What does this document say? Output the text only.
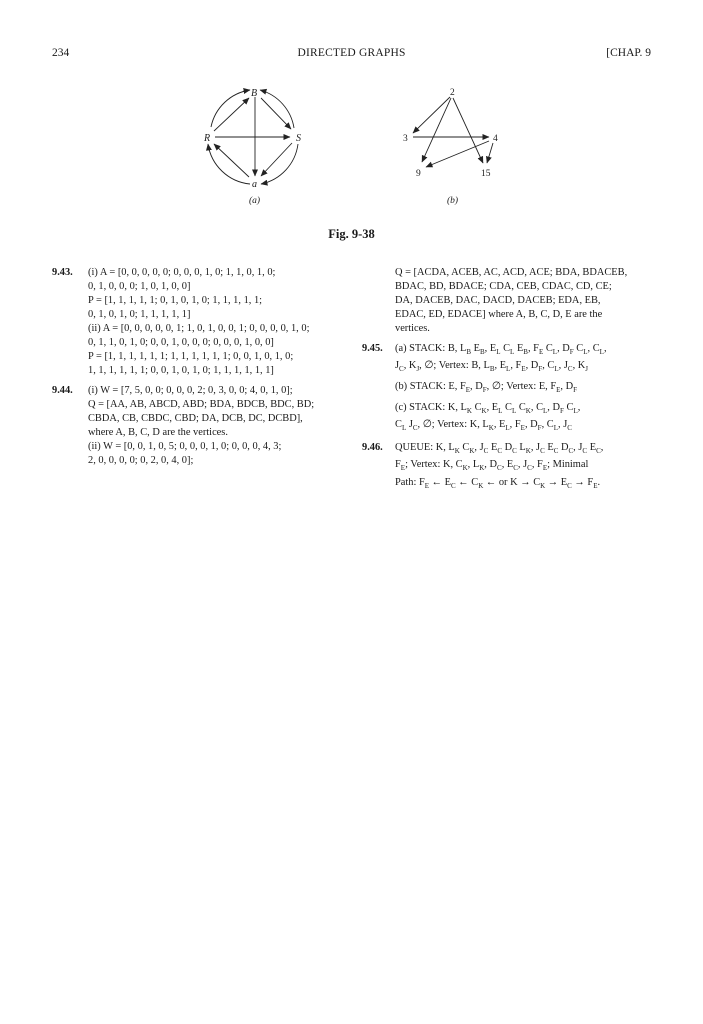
234	DIRECTED GRAPHS	[CHAP. 9
B
R	S
a
(a)
2
3	4
9	15
(b)
Fig. 9-38
9.43. (i) A = [0, 0, 0, 0, 0; 0, 0, 0, 1, 0; 1, 1, 0, 1, 0;
0, 1, 0, 0, 0; 1, 0, 1, 0, 0]
P = [1, 1, 1, 1, 1; 0, 1, 0, 1, 0; 1, 1, 1, 1, 1;
0, 1, 0, 1, 0; 1, 1, 1, 1, 1]
(ii) A = [0, 0, 0, 0, 0, 1; 1, 0, 1, 0, 0, 1; 0, 0, 0, 0, 1, 0;
0, 1, 1, 0, 1, 0; 0, 0, 1, 0, 0, 0; 0, 0, 0, 1, 0, 0]
P = [1, 1, 1, 1, 1, 1; 1, 1, 1, 1, 1, 1; 0, 0, 1, 0, 1, 0;
1, 1, 1, 1, 1, 1; 0, 0, 1, 0, 1, 0; 1, 1, 1, 1, 1, 1]
9.44. (i) W = [7, 5, 0, 0; 0, 0, 0, 2; 0, 3, 0, 0; 4, 0, 1, 0];
Q = [AA, AB, ABCD, ABD; BDA, BDCB, BDC, BD;
CBDA, CB, CBDC, CBD; DA, DCB, DC, DCBD],
where A, B, C, D are the vertices.
(ii) W = [0, 0, 1, 0, 5; 0, 0, 0, 1, 0; 0, 0, 0, 4, 3;
2, 0, 0, 0, 0; 0, 2, 0, 4, 0];
Q = [ACDA, ACEB, AC, ACD, ACE; BDA, BDACEB,
BDAC, BD, BDACE; CDA, CEB, CDAC, CD, CE;
DA, DACEB, DAC, DACD, DACEB; EDA, EB,
EDAC, ED, EDACE] where A, B, C, D, E are the
vertices.
9.45. (a) STACK: B, $L_B$ $E_B$, $E_L$ $C_L$ $E_B$, $F_E$ $C_L$, $D_F$ $C_L$, $C_L$,
$J_C$, $K_J$, ∅; Vertex: B, $L_B$, $E_L$, $F_E$, $D_F$, $C_L$, $J_C$, $K_J$
(b) STACK: E, $F_E$, $D_F$, ∅; Vertex: E, $F_E$, $D_F$
(c) STACK: K, $L_K$ $C_K$, $E_L$ $C_L$ $C_K$, $C_L$, $D_F$ $C_L$,
$C_L$ $J_C$, ∅; Vertex: K, $L_K$, $E_L$, $F_E$, $D_F$, $C_L$, $J_C$
9.46. QUEUE: K, $L_K$ $C_K$, $J_C$ $E_C$ $D_C$ $L_K$, $J_C$ $E_C$ $D_C$, $J_C$ $E_C$,
$F_E$; Vertex: K, $C_K$, $L_K$, $D_C$, $E_C$, $J_C$, $F_E$; Minimal
Path: $F_E$ ← $E_C$ ← $C_K$ ← or $K \to C_K \to E_C \to F_E$.
